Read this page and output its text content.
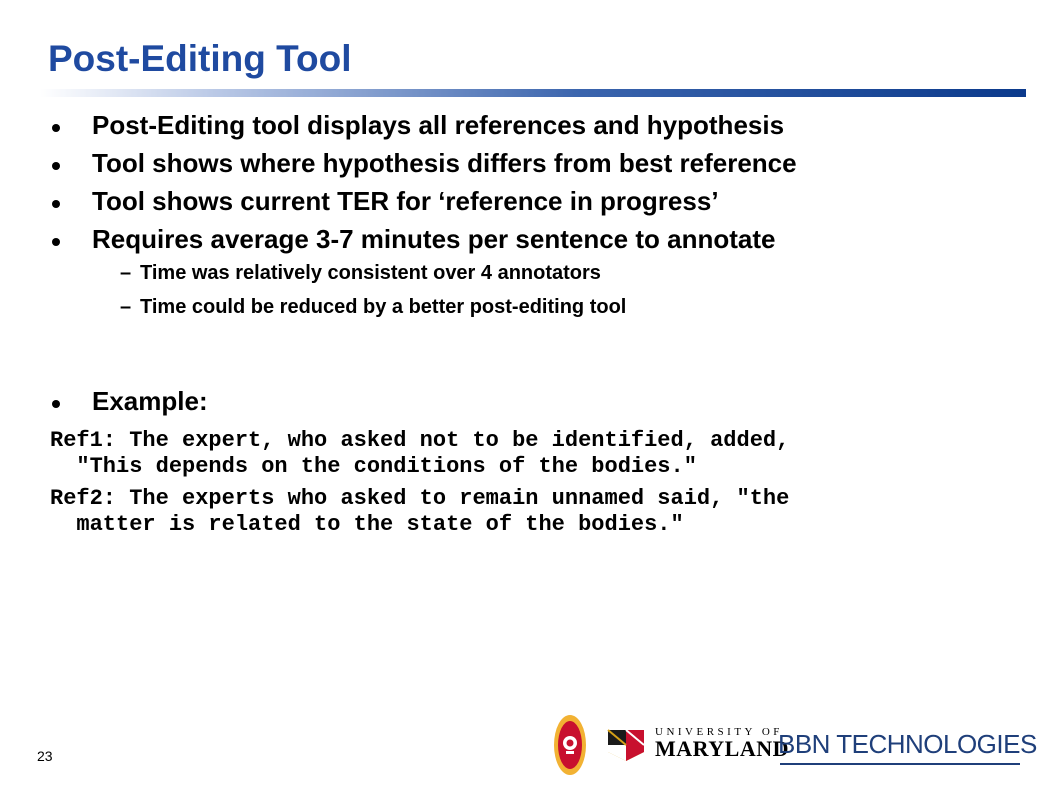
Post-Editing Tool
Post-Editing tool displays all references and hypothesis
Tool shows where hypothesis differs from best reference
Tool shows current TER for ‘reference in progress’
Requires average 3-7 minutes per sentence to annotate
– Time was relatively consistent over 4 annotators
– Time could be reduced by a better post-editing tool
Example:
Ref1: The expert, who asked not to be identified, added,
"This depends on the conditions of the bodies."
Ref2: The experts who asked to remain unnamed said, "the
matter is related to the state of the bodies."
23
UNIVERSITY OF
MARYLAND
BBN TECHNOLOGIES
